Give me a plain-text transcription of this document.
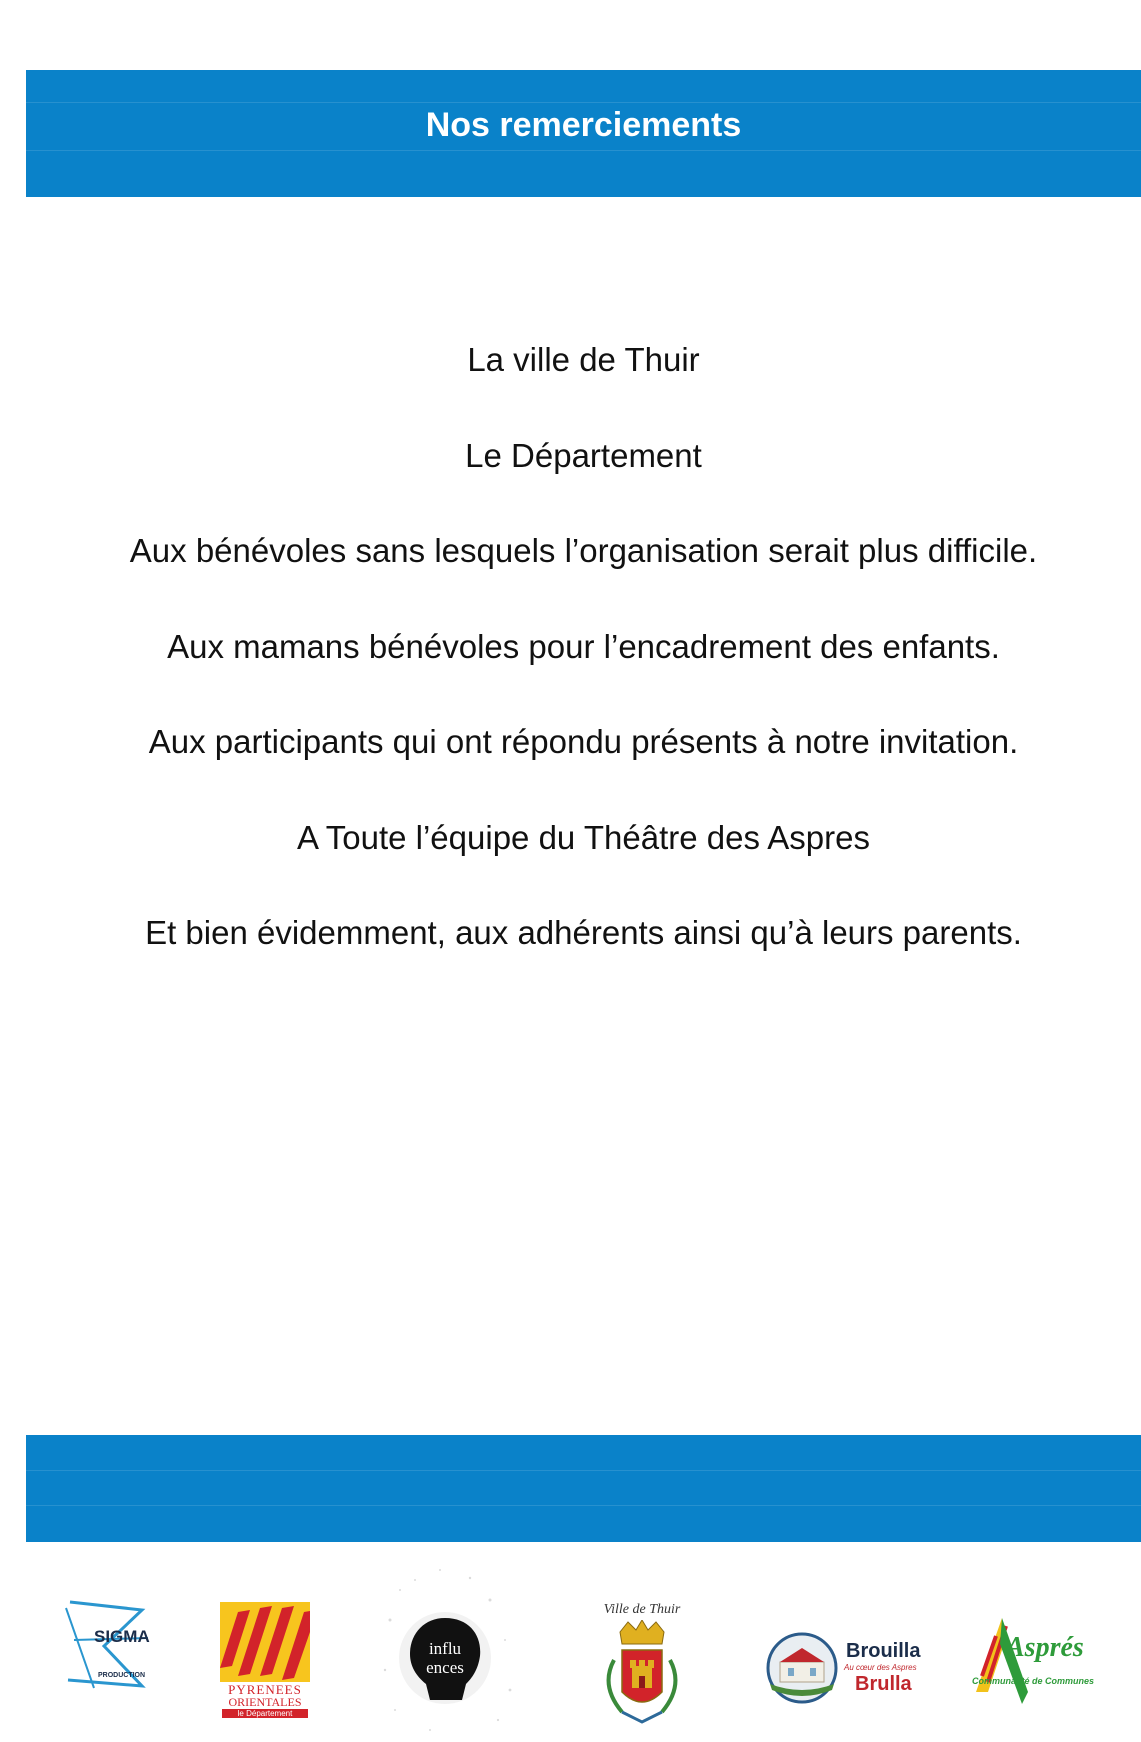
Nos remerciements
La ville de Thuir
Le Département
Aux bénévoles sans lesquels l’organisation serait plus difficile.
Aux mamans bénévoles pour l’encadrement des enfants.
Aux participants qui ont répondu présents à notre invitation.
A Toute l’équipe du Théâtre des Aspres
Et bien évidemment, aux adhérents ainsi qu’à leurs parents.
SIGMA
PRODUCTION
PYRENEES
ORIENTALES
le Département
influ
ences
Ville de Thuir
Brouilla
Au cœur des Aspres
Brulla
Asprés
Communauté de Communes
